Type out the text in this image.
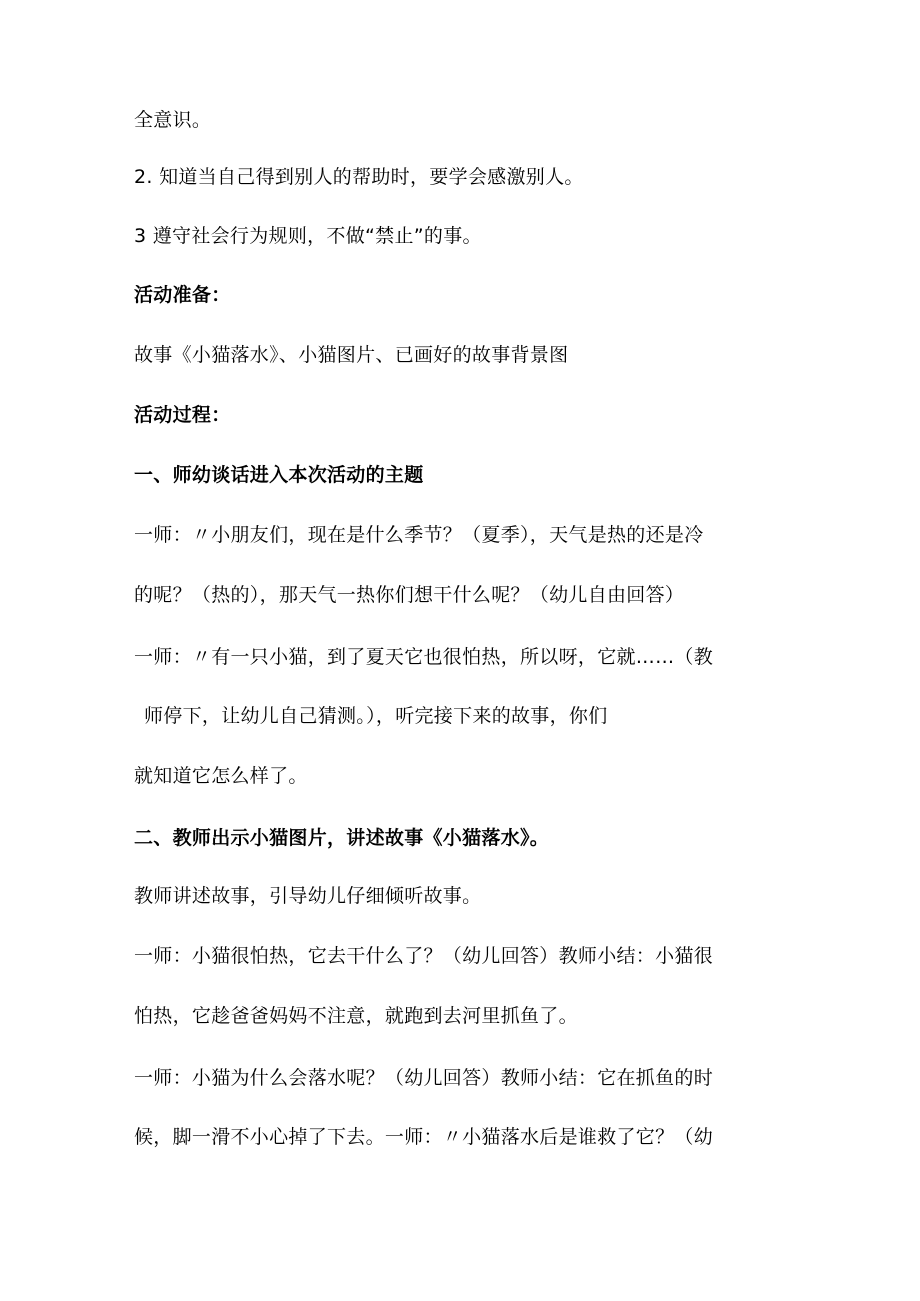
全意识。
2. 知道当自己得到别人的帮助时，要学会感激别人。
3 遵守社会行为规则，不做“禁止”的事。
活动准备：
故事《小猫落水》、小猫图片、已画好的故事背景图
活动过程：
一、师幼谈话进入本次活动的主题
一师：〃小朋友们，现在是什么季节？（夏季），天气是热的还是冷
的呢？（热的），那天气一热你们想干什么呢？（幼儿自由回答）
一师：〃有一只小猫，到了夏天它也很怕热，所以呀，它就……（教
师停下，让幼儿自己猜测。），听完接下来的故事，你们
就知道它怎么样了。
二、教师出示小猫图片，讲述故事《小猫落水》。
教师讲述故事，引导幼儿仔细倾听故事。
一师：小猫很怕热，它去干什么了？（幼儿回答）教师小结：小猫很
怕热，它趁爸爸妈妈不注意，就跑到去河里抓鱼了。
一师：小猫为什么会落水呢？（幼儿回答）教师小结：它在抓鱼的时
候，脚一滑不小心掉了下去。一师：〃小猫落水后是谁救了它？（幼
